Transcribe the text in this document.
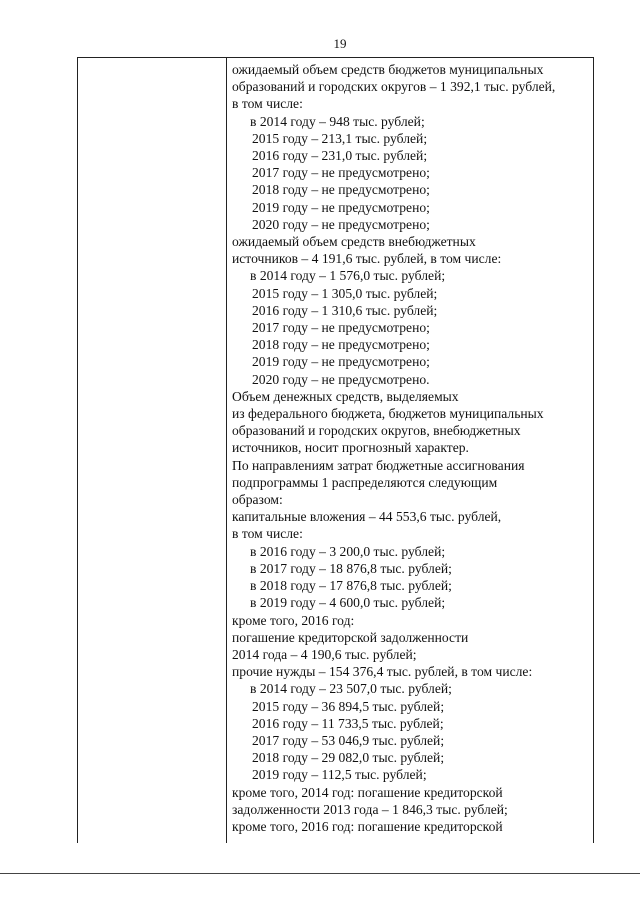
19
ожидаемый объем средств бюджетов муниципальных
образований и городских округов – 1 392,1 тыс. рублей,
в том числе:
в 2014 году – 948 тыс. рублей;
2015 году – 213,1 тыс. рублей;
2016 году – 231,0 тыс. рублей;
2017 году – не предусмотрено;
2018 году – не предусмотрено;
2019 году – не предусмотрено;
2020 году – не предусмотрено;
ожидаемый объем средств внебюджетных
источников – 4 191,6 тыс. рублей, в том числе:
в 2014 году – 1 576,0 тыс. рублей;
2015 году – 1 305,0 тыс. рублей;
2016 году – 1 310,6 тыс. рублей;
2017 году – не предусмотрено;
2018 году – не предусмотрено;
2019 году – не предусмотрено;
2020 году – не предусмотрено.
Объем денежных средств, выделяемых
из федерального бюджета, бюджетов муниципальных
образований и городских округов, внебюджетных
источников, носит прогнозный характер.
По направлениям затрат бюджетные ассигнования
подпрограммы 1 распределяются следующим
образом:
капитальные вложения – 44 553,6 тыс. рублей,
в том числе:
в 2016 году – 3 200,0 тыс. рублей;
в 2017 году – 18 876,8 тыс. рублей;
в 2018 году – 17 876,8 тыс. рублей;
в 2019 году – 4 600,0 тыс. рублей;
кроме того, 2016 год:
погашение кредиторской задолженности
2014 года – 4 190,6 тыс. рублей;
прочие нужды – 154 376,4 тыс. рублей, в том числе:
в 2014 году – 23 507,0 тыс. рублей;
2015 году – 36 894,5 тыс. рублей;
2016 году – 11 733,5 тыс. рублей;
2017 году – 53 046,9 тыс. рублей;
2018 году – 29 082,0 тыс. рублей;
2019 году – 112,5 тыс. рублей;
кроме того, 2014 год: погашение кредиторской
задолженности 2013 года – 1 846,3 тыс. рублей;
кроме того, 2016 год: погашение кредиторской
